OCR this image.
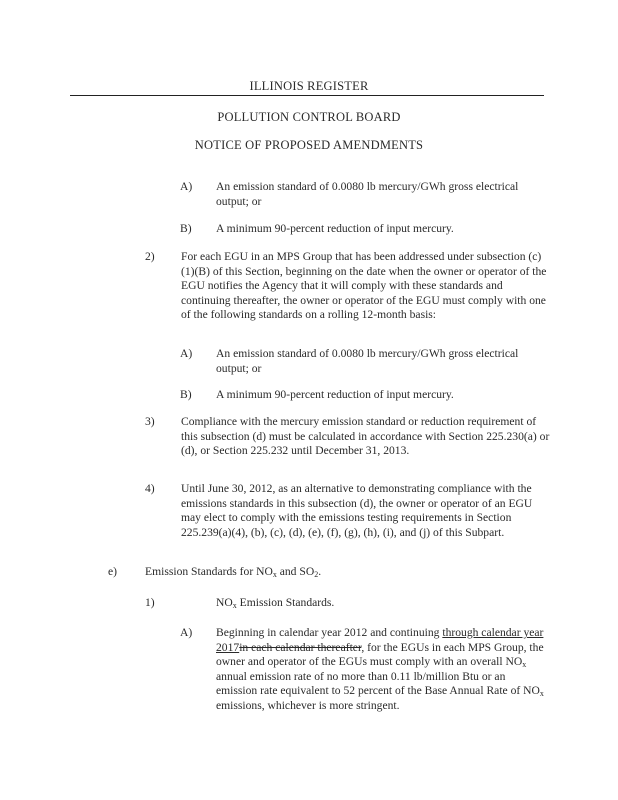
ILLINOIS REGISTER
POLLUTION CONTROL BOARD
NOTICE OF PROPOSED AMENDMENTS
A) An emission standard of 0.0080 lb mercury/GWh gross electrical output; or
B) A minimum 90-percent reduction of input mercury.
2) For each EGU in an MPS Group that has been addressed under subsection (c)(1)(B) of this Section, beginning on the date when the owner or operator of the EGU notifies the Agency that it will comply with these standards and continuing thereafter, the owner or operator of the EGU must comply with one of the following standards on a rolling 12-month basis:
A) An emission standard of 0.0080 lb mercury/GWh gross electrical output; or
B) A minimum 90-percent reduction of input mercury.
3) Compliance with the mercury emission standard or reduction requirement of this subsection (d) must be calculated in accordance with Section 225.230(a) or (d), or Section 225.232 until December 31, 2013.
4) Until June 30, 2012, as an alternative to demonstrating compliance with the emissions standards in this subsection (d), the owner or operator of an EGU may elect to comply with the emissions testing requirements in Section 225.239(a)(4), (b), (c), (d), (e), (f), (g), (h), (i), and (j) of this Subpart.
e) Emission Standards for $NO_x$ and $SO_2$.
1)	$NO_x$ Emission Standards.
A) Beginning in calendar year 2012 and continuing through calendar year 2017in each calendar thereafter, for the EGUs in each MPS Group, the owner and operator of the EGUs must comply with an overall $NO_x$ annual emission rate of no more than 0.11 lb/million Btu or an emission rate equivalent to 52 percent of the Base Annual Rate of $NO_x$ emissions, whichever is more stringent.
